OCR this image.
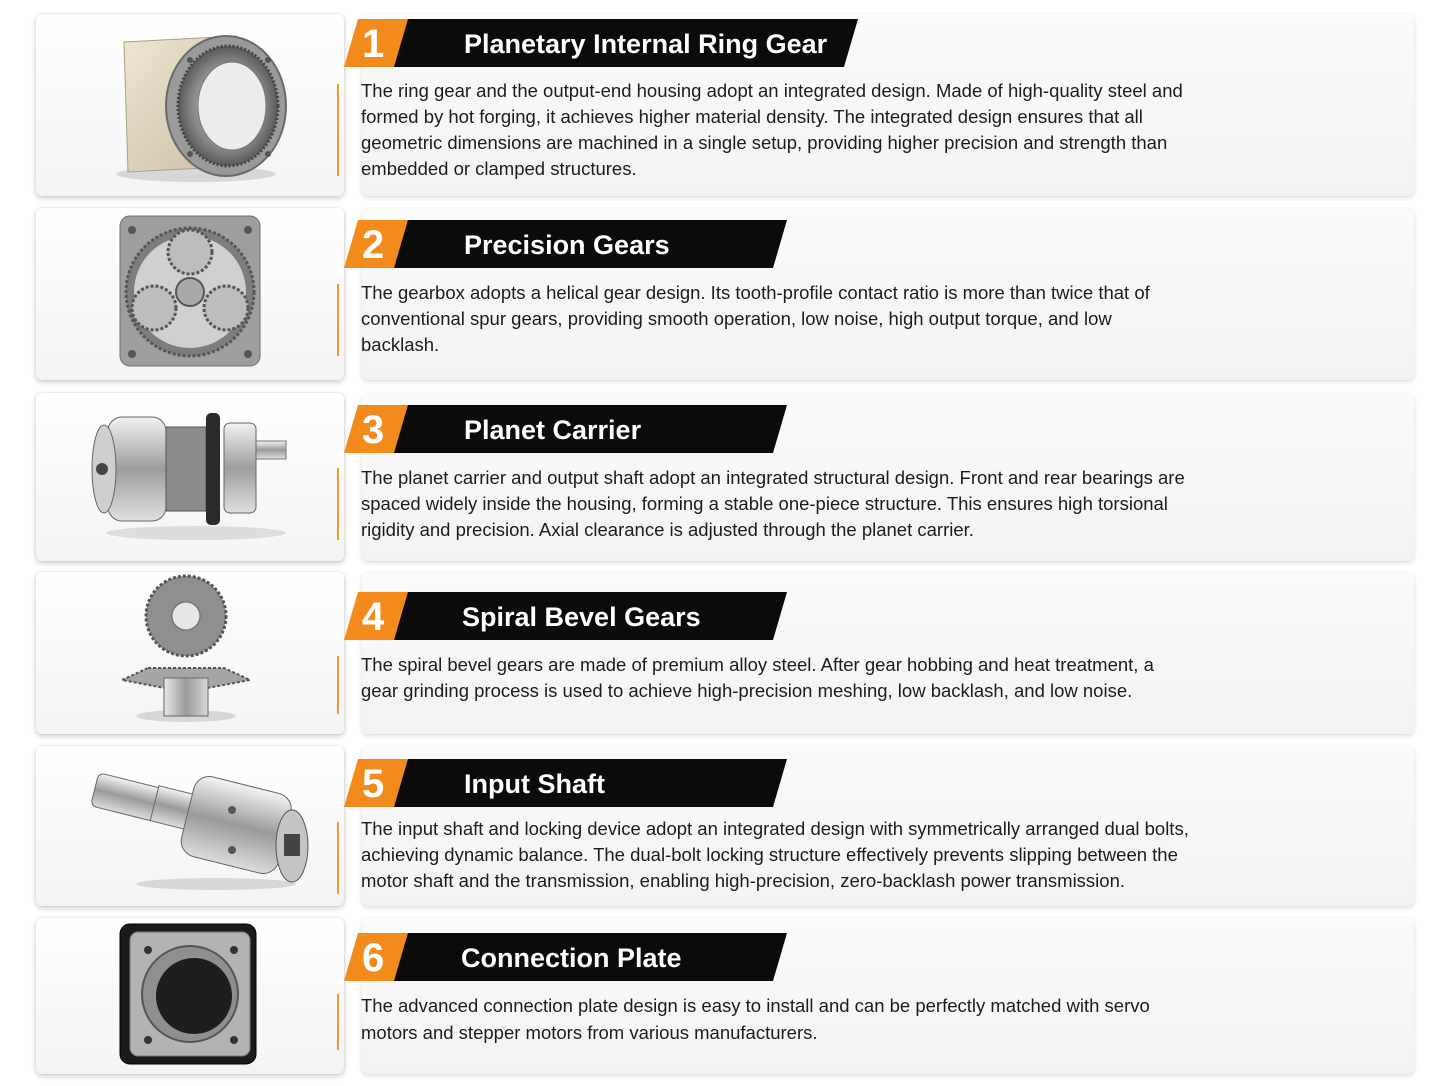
1	Planetary Internal Ring Gear

The ring gear and the output-end housing adopt an integrated design. Made of high-quality steel and formed by hot forging, it achieves higher material density. The integrated design ensures that all geometric dimensions are machined in a single setup, providing higher precision and strength than embedded or clamped structures.

2	Precision Gears

The gearbox adopts a helical gear design. Its tooth-profile contact ratio is more than twice that of conventional spur gears, providing smooth operation, low noise, high output torque, and low backlash.

3	Planet Carrier

The planet carrier and output shaft adopt an integrated structural design. Front and rear bearings are spaced widely inside the housing, forming a stable one-piece structure. This ensures high torsional rigidity and precision. Axial clearance is adjusted through the planet carrier.

4	Spiral Bevel Gears

The spiral bevel gears are made of premium alloy steel. After gear hobbing and heat treatment, a gear grinding process is used to achieve high-precision meshing, low backlash, and low noise.

5	Input Shaft

The input shaft and locking device adopt an integrated design with symmetrically arranged dual bolts, achieving dynamic balance. The dual-bolt locking structure effectively prevents slipping between the motor shaft and the transmission, enabling high-precision, zero-backlash power transmission.

6	Connection Plate

The advanced connection plate design is easy to install and can be perfectly matched with servo motors and stepper motors from various manufacturers.
